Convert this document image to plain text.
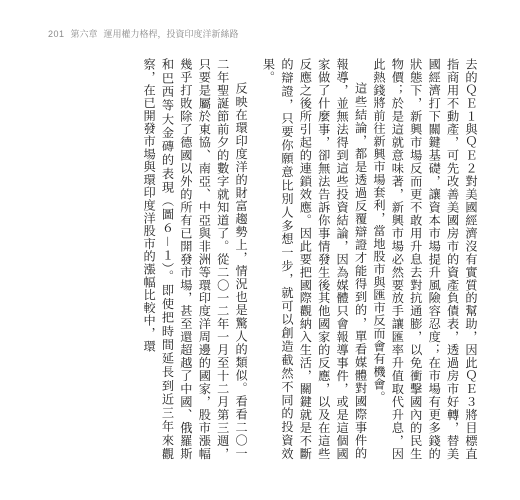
201 第六章 運用權力格桿，投資印度洋新絲路

去的ＱＥ１與ＱＥ２對美國經濟沒有實質的幫助，因此ＱＥ３將目標直指商用不動產，可先改善美國房市的資產負債表，透過房市好轉，替美國經濟打下關鍵基礎，讓資本市場提升風險容忍度；在市場有更多錢的狀態下，新興市場反而更不敢用升息去對抗通膨，以免衝擊國內的民生物價；於是這就意味著，新興市場必然要放手讓匯率升值取代升息，因此熱錢將前往新興市場套利，當地股市與匯市反而會有機會。

這些結論，都是透過反覆辯證才能得到的，單看媒體對國際事件的報導，並無法得到這些投資結論，因為媒體只會報導事件，或是這個國家做了什麼事，卻無法告訴你事情發生後其他國家的反應，以及在這些反應之後所引起的連鎖效應。因此要把國際觀納入生活，關鍵就是不斷的辯證，只要你願意比別人多想一步，就可以創造截然不同的投資效果。

反映在環印度洋的財富趨勢上，情況也是驚人的類似。看看二〇一二年聖誕節前夕的數字就知道了。從二〇一二年一月至十二月第三週，只要是屬於東協、南亞、中亞與非洲等環印度洋周邊的國家，股市漲幅幾乎打敗除了德國以外的所有已開發市場，甚至還超越了中國、俄羅斯和巴西等大金磚的表現（圖６－１）。即使把時間延長到近三年來觀察，在已開發市場與環印度洋股市的漲幅比較中，環
